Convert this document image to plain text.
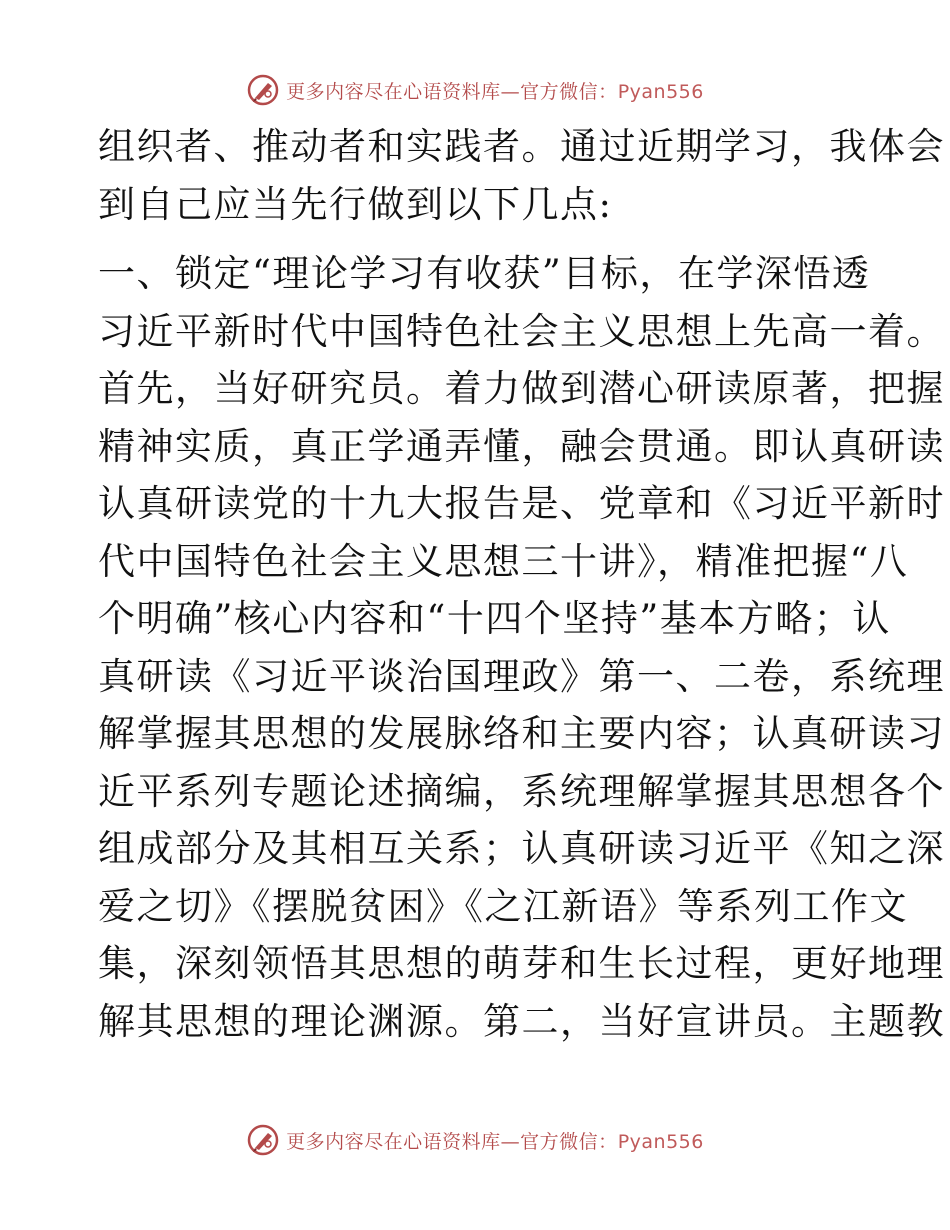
更多内容尽在心语资料库—官方微信：Pyan556
组织者、推动者和实践者。通过近期学习，我体会
到自己应当先行做到以下几点:
一、锁定“理论学习有收获”目标，在学深悟透
习近平新时代中国特色社会主义思想上先高一着。
首先，当好研究员。着力做到潜心研读原著，把握
精神实质，真正学通弄懂，融会贯通。即认真研读
认真研读党的十九大报告是、党章和《习近平新时
代中国特色社会主义思想三十讲》，精准把握“八
个明确”核心内容和“十四个坚持”基本方略；认
真研读《习近平谈治国理政》第一、二卷，系统理
解掌握其思想的发展脉络和主要内容；认真研读习
近平系列专题论述摘编，系统理解掌握其思想各个
组成部分及其相互关系；认真研读习近平《知之深
爱之切》《摆脱贫困》《之江新语》等系列工作文
集，深刻领悟其思想的萌芽和生长过程，更好地理
解其思想的理论渊源。第二，当好宣讲员。主题教
更多内容尽在心语资料库—官方微信：Pyan556
